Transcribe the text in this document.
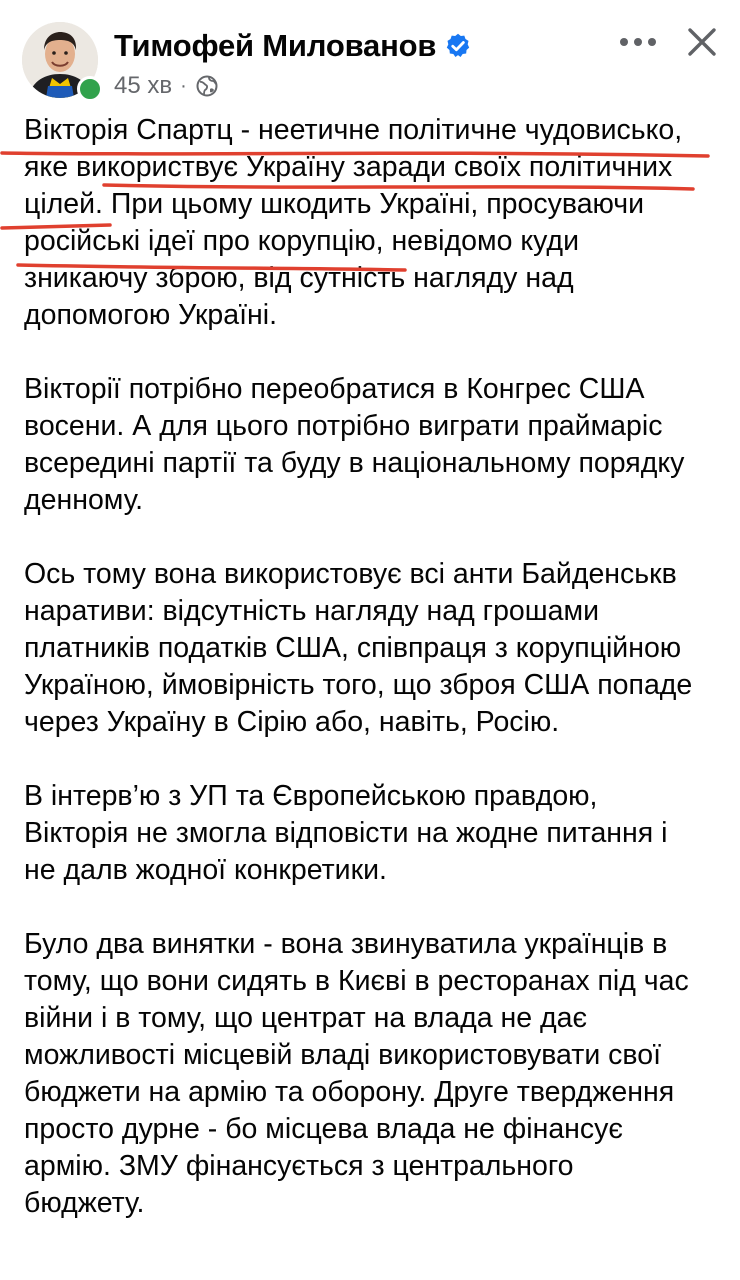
Тимофей Милованов
45 хв ·

Вікторія Спартц - неетичне політичне чудовисько,
яке використвує Україну заради своїх політичних
цілей. При цьому шкодить Україні, просуваючи
російські ідеї про корупцію, невідомо куди
зникаючу зброю, від сутність нагляду над
допомогою Україні.

Вікторії потрібно переобратися в Конгрес США
восени. А для цього потрібно виграти праймаріс
всередині партії та буду в національному порядку
денному.

Ось тому вона використовує всі анти Байденськв
наративи: відсутність нагляду над грошами
платників податків США, співпраця з корупційною
Україною, ймовірність того, що зброя США попаде
через Україну в Сірію або, навіть, Росію.

В інтерв’ю з УП та Європейською правдою,
Вікторія не змогла відповісти на жодне питання і
не далв жодної конкретики.

Було два винятки - вона звинуватила українців в
тому, що вони сидять в Києві в ресторанах під час
війни і в тому, що центрат на влада не дає
можливості місцевій владі використовувати свої
бюджети на армію та оборону. Друге твердження
просто дурне - бо місцева влада не фінансує
армію. ЗМУ фінансується з центрального
бюджету.
